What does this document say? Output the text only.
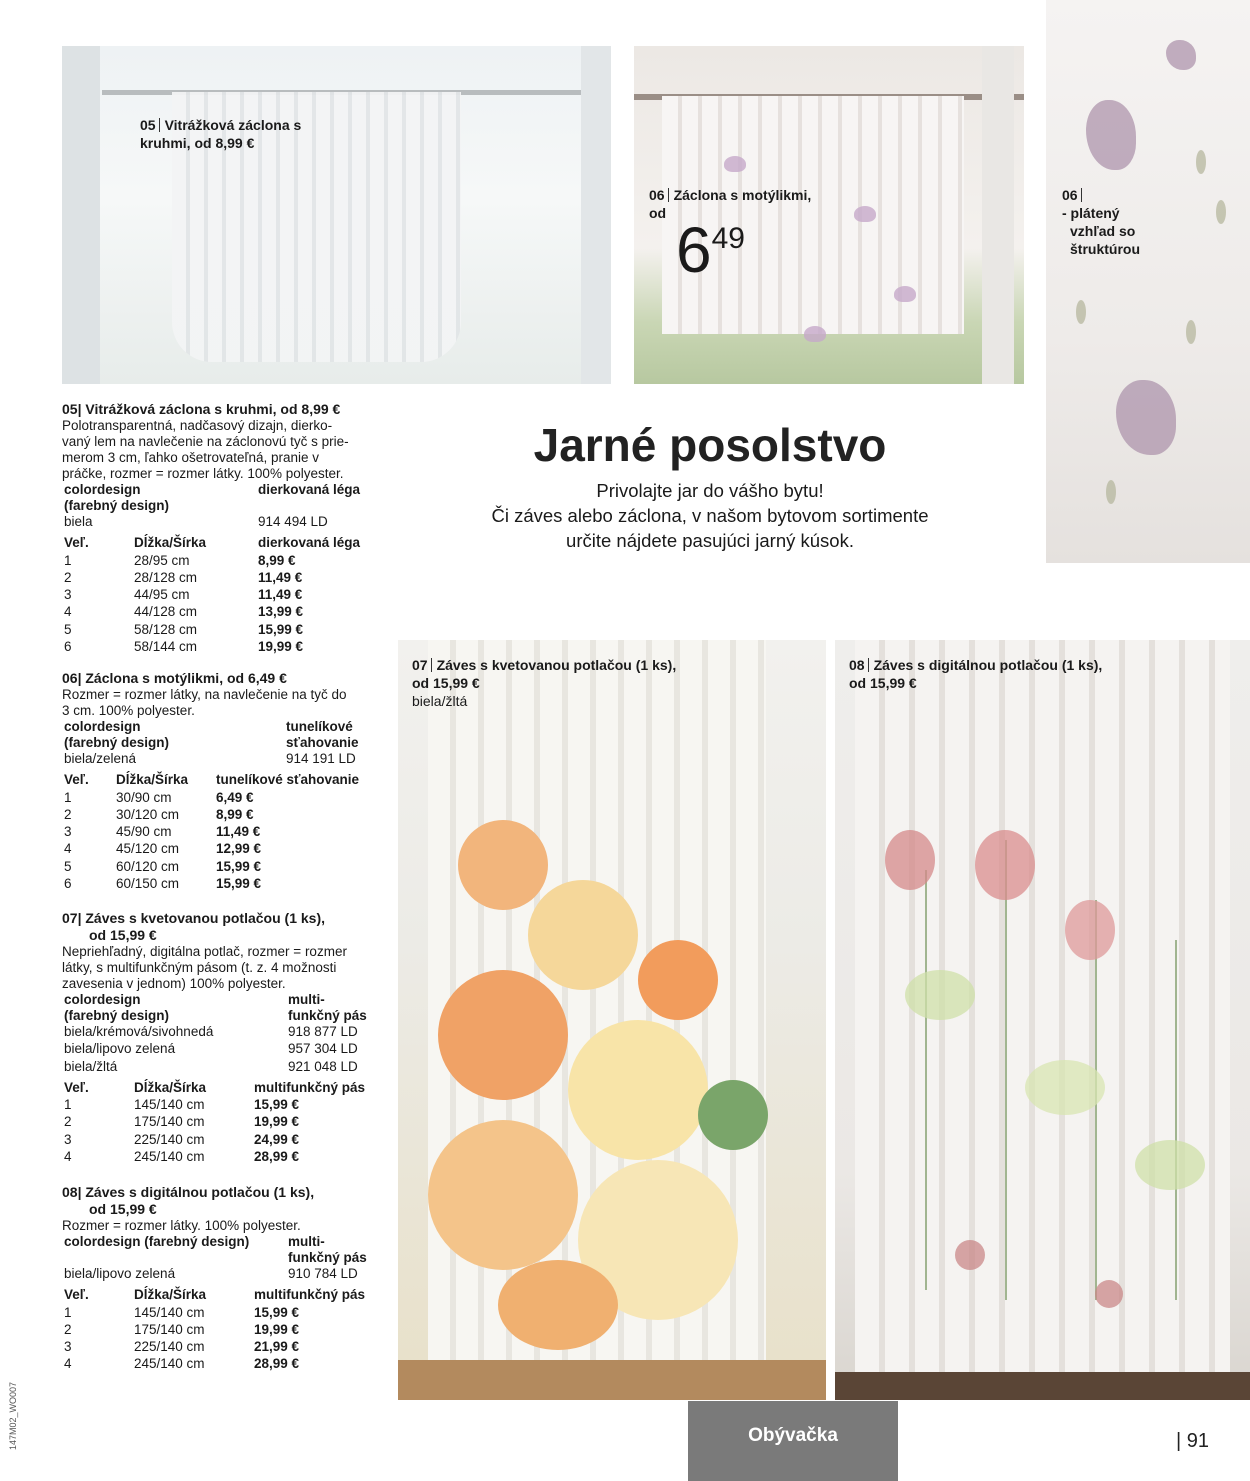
05 Vitrážková záclona s
kruhmi, od 8,99 €
06 Záclona s motýlikmi,
od
649
06
- plátený
vzhľad so
štruktúrou
Jarné posolstvo
Privolajte jar do vášho bytu!
Či záves alebo záclona, v našom bytovom sortimente
určite nájdete pasujúci jarný kúsok.
07 Záves s kvetovanou potlačou (1 ks),
od 15,99 €
biela/žltá
08 Záves s digitálnou potlačou (1 ks),
od 15,99 €
05| Vitrážková záclona s kruhmi, od 8,99 €
Polotransparentná, nadčasový dizajn, dierko-
vaný lem na navlečenie na záclonovú tyč s prie-
merom 3 cm, ľahko ošetrovateľná, pranie v
práčke, rozmer = rozmer látky. 100% polyester.
colordesign	dierkovaná léga
(farebný design)
biela	914 494 LD
Veľ.	Dĺžka/Šírka	dierkovaná léga
1	28/95 cm	8,99 €
2	28/128 cm	11,49 €
3	44/95 cm	11,49 €
4	44/128 cm	13,99 €
5	58/128 cm	15,99 €
6	58/144 cm	19,99 €
06| Záclona s motýlikmi, od 6,49 €
Rozmer = rozmer látky, na navlečenie na tyč do
3 cm. 100% polyester.
colordesign	tunelíkové
(farebný design)	sťahovanie
biela/zelená	914 191 LD
Veľ. Dĺžka/Šírka tunelíkové sťahovanie
1	30/90 cm	6,49 €
2	30/120 cm	8,99 €
3	45/90 cm	11,49 €
4	45/120 cm	12,99 €
5	60/120 cm	15,99 €
6	60/150 cm	15,99 €
07| Záves s kvetovanou potlačou (1 ks),
od 15,99 €
Nepriehľadný, digitálna potlač, rozmer = rozmer
látky, s multifunkčným pásom (t. z. 4 možnosti
zavesenia v jednom) 100% polyester.
colordesign	multi-
(farebný design)	funkčný pás
biela/krémová/sivohnedá	918 877 LD
biela/lipovo zelená	957 304 LD
biela/žltá	921 048 LD
Veľ.	Dĺžka/Šírka	multifunkčný pás
1	145/140 cm	15,99 €
2	175/140 cm	19,99 €
3	225/140 cm	24,99 €
4	245/140 cm	28,99 €
08| Záves s digitálnou potlačou (1 ks),
od 15,99 €
Rozmer = rozmer látky. 100% polyester.
colordesign (farebný design)	multi-
funkčný pás
biela/lipovo zelená	910 784 LD
Veľ.	Dĺžka/Šírka	multifunkčný pás
1	145/140 cm	15,99 €
2	175/140 cm	19,99 €
3	225/140 cm	21,99 €
4	245/140 cm	28,99 €
Obývačka	| 91
147M02_WO007
